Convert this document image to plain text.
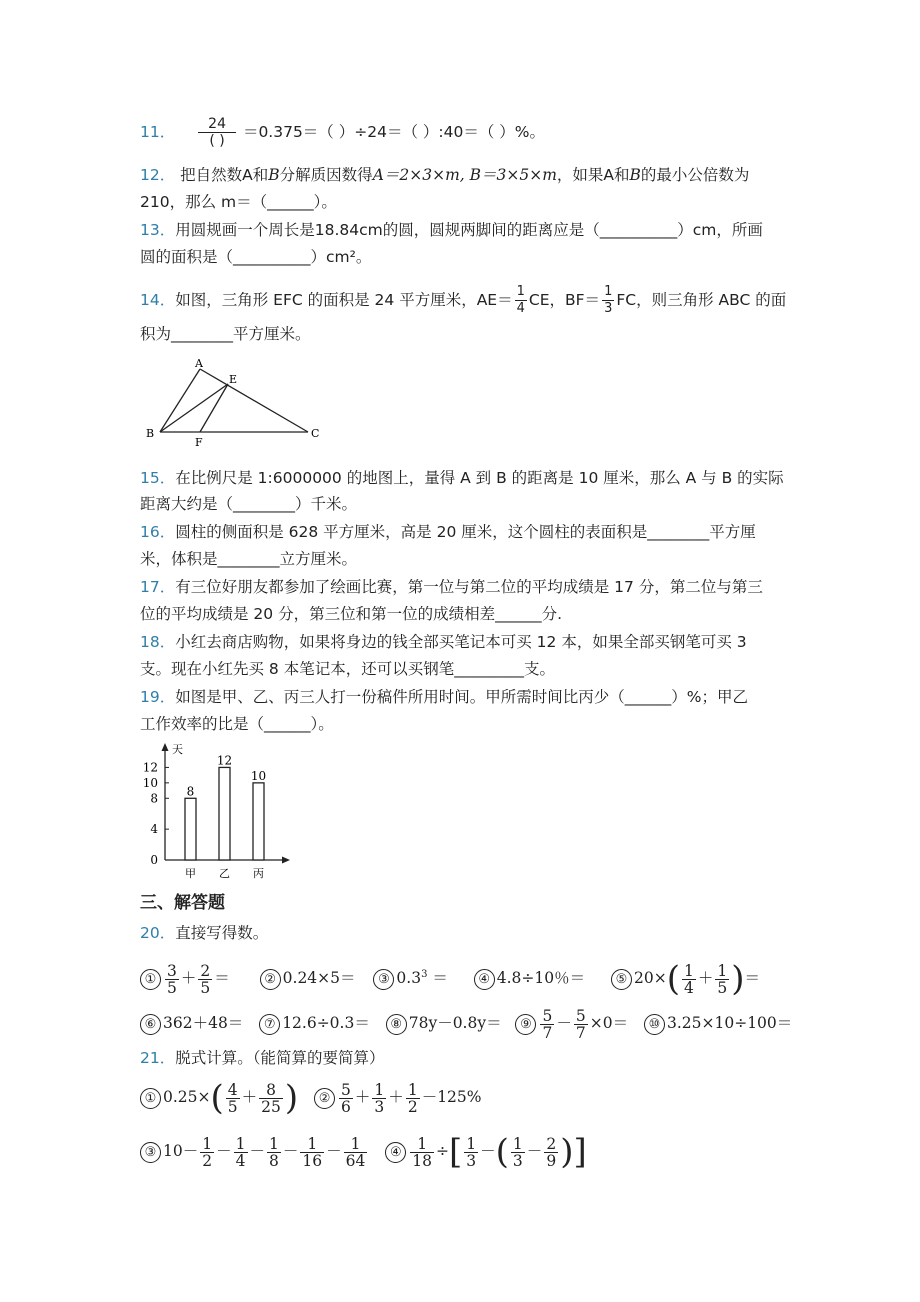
11． $\frac{24}{( )} =0.375=$（ ）÷24＝（ ）:40＝（ ）%。
12． 把自然数A和B分解质因数得A＝2×3×m, B＝3×5×m，如果A和B的最小公倍数为
210，那么 m＝（______）。
13．用圆规画一个周长是18.84cm的圆，圆规两脚间的距离应是（__________）cm，所画
圆的面积是（__________）cm²。
14．如图，三角形 EFC 的面积是 24 平方厘米，$AE= \frac{1}{4}$ CE，$BF= \frac{1}{3}$ FC，则三角形 ABC 的面
积为________平方厘米。
A
E
B
F
C
15．在比例尺是 1:6000000 的地图上，量得 A 到 B 的距离是 10 厘米，那么 A 与 B 的实际
距离大约是（________）千米。
16．圆柱的侧面积是 628 平方厘米，高是 20 厘米，这个圆柱的表面积是________平方厘
米，体积是________立方厘米。
17．有三位好朋友都参加了绘画比赛，第一位与第二位的平均成绩是 17 分，第二位与第三
位的平均成绩是 20 分，第三位和第一位的成绩相差______分.
18．小红去商店购物，如果将身边的钱全部买笔记本可买 12 本，如果全部买钢笔可买 3
支。现在小红先买 8 本笔记本，还可以买钢笔_________支。
19．如图是甲、乙、丙三人打一份稿件所用时间。甲所需时间比丙少（______）%；甲乙
工作效率的比是（______）。
天
0
4
8
10
12
8
甲
12
乙
10
丙
三、解答题
20．直接写得数。
① $\frac{3}{5} + \frac{2}{5}$ ＝	② 0.24×5＝ ③ $0.3^3$ ＝ ④ 4.8÷10％＝ ⑤ $20\times( \frac{1}{4} + \frac{1}{5}$ )＝
⑥ 362＋48＝ ⑦ 12.6÷0.3＝ ⑧ 78y－0.8y＝ ⑨ $\frac{5}{7} - \frac{5}{7} \times 0=$ ⑩ 3.25×10÷100＝
21．脱式计算。（能简算的要简算）
① $0.25\times( \frac{4}{5} + \frac{8}{25}$ ) ② $\frac{5}{6} + \frac{1}{3} + \frac{1}{2} -125\%$
③ $10- \frac{1}{2} - \frac{1}{4} - \frac{1}{8} - \frac{1}{16} - \frac{1}{64}$ ④ $\frac{1}{18}$ ÷[ $\frac{1}{3}$ －( $\frac{1}{3} - \frac{2}{9}$ )]
